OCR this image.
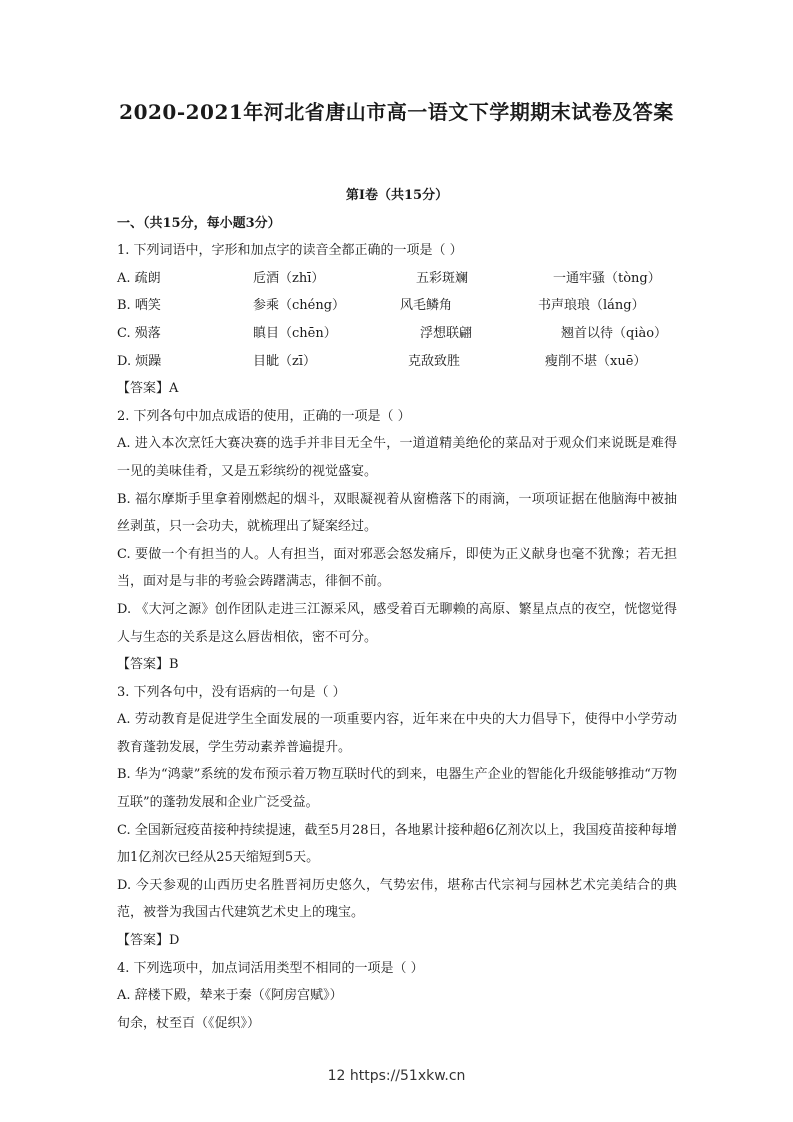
2020-2021年河北省唐山市高一语文下学期期末试卷及答案
第Ⅰ卷（共15分）
一、（共15分，每小题3分）
1. 下列词语中，字形和加点字的读音全都正确的一项是（ ）
A. 疏朗	卮酒（zhī）	五彩斑斓	一通牢骚（tòng）
B. 哂笑	参乘（chéng）	风毛鳞角	书声琅琅（láng）
C. 殒落	瞋目（chēn）	浮想联翩	翘首以待（qiào）
D. 烦躁	目眦（zī）	克敌致胜	瘦削不堪（xuē）
【答案】A
2. 下列各句中加点成语的使用，正确的一项是（ ）
A. 进入本次烹饪大赛决赛的选手并非目无全牛，一道道精美绝伦的菜品对于观众们来说既是难得一见的美味佳肴，又是五彩缤纷的视觉盛宴。
B. 福尔摩斯手里拿着刚燃起的烟斗，双眼凝视着从窗檐落下的雨滴，一项项证据在他脑海中被抽丝剥茧，只一会功夫，就梳理出了疑案经过。
C. 要做一个有担当的人。人有担当，面对邪恶会怒发痛斥，即使为正义献身也毫不犹豫；若无担当，面对是与非的考验会踌躇满志，徘徊不前。
D. 《大河之源》创作团队走进三江源采风，感受着百无聊赖的高原、繁星点点的夜空，恍惚觉得人与生态的关系是这么唇齿相依，密不可分。
【答案】B
3. 下列各句中，没有语病的一句是（ ）
A. 劳动教育是促进学生全面发展的一项重要内容，近年来在中央的大力倡导下，使得中小学劳动教育蓬勃发展，学生劳动素养普遍提升。
B. 华为“鸿蒙”系统的发布预示着万物互联时代的到来，电器生产企业的智能化升级能够推动“万物互联”的蓬勃发展和企业广泛受益。
C. 全国新冠疫苗接种持续提速，截至5月28日，各地累计接种超6亿剂次以上，我国疫苗接种每增加1亿剂次已经从25天缩短到5天。
D. 今天参观的山西历史名胜晋祠历史悠久，气势宏伟，堪称古代宗祠与园林艺术完美结合的典范，被誉为我国古代建筑艺术史上的瑰宝。
【答案】D
4. 下列选项中，加点词活用类型不相同的一项是（ ）
A. 辞楼下殿，辇来于秦（《阿房宫赋》）
旬余，杖至百（《促织》）
12 https://51xkw.cn
